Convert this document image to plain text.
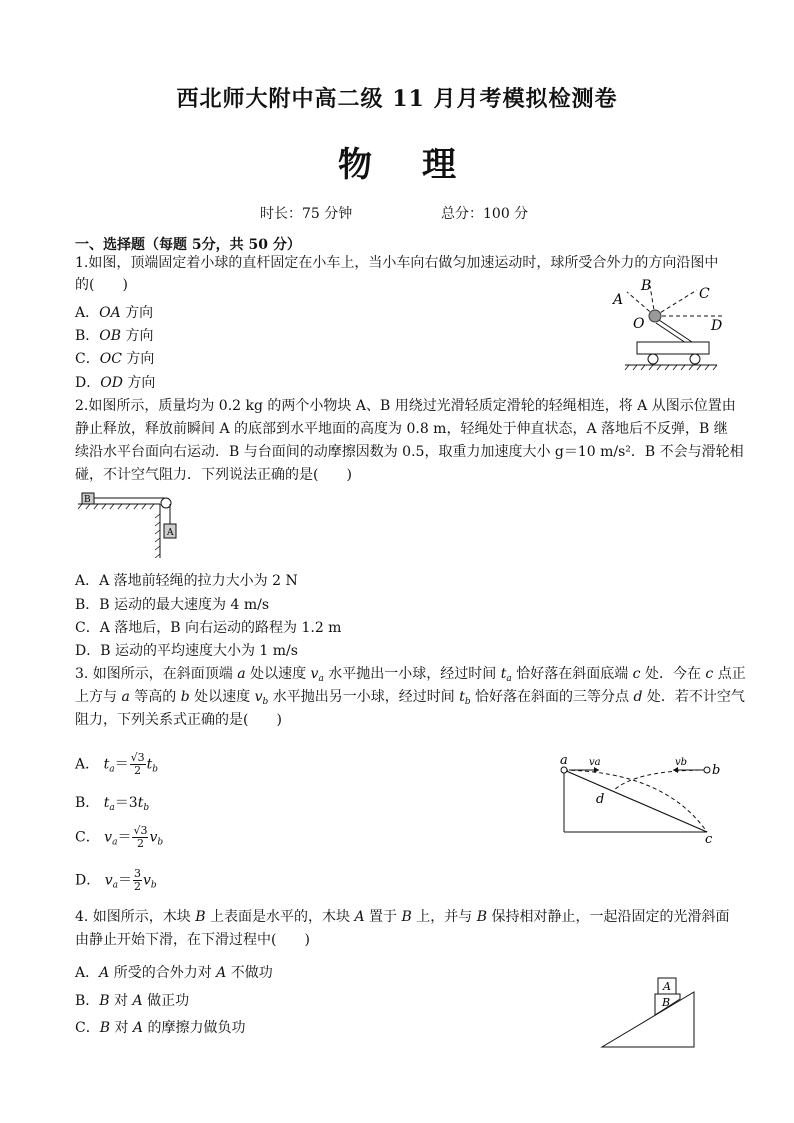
西北师大附中高二级 11 月月考模拟检测卷
物理
时长：75 分钟	总分：100 分
一、选择题（每题 5分，共 50 分）
1.如图，顶端固定着小球的直杆固定在小车上，当小车向右做匀加速运动时，球所受合外力的方向沿图中
的(　　)
A．OA 方向
B．OB 方向
C．OC 方向
D．OD 方向
A
B	C
O	D
2.如图所示，质量均为 0.2 kg 的两个小物块 A、B 用绕过光滑轻质定滑轮的轻绳相连，将 A 从图示位置由
静止释放，释放前瞬间 A 的底部到水平地面的高度为 0.8 m，轻绳处于伸直状态，A 落地后不反弹，B 继
续沿水平台面向右运动．B 与台面间的动摩擦因数为 0.5，取重力加速度大小 g＝10 m/s²．B 不会与滑轮相
碰，不计空气阻力．下列说法正确的是(　　)
B
A
A．A 落地前轻绳的拉力大小为 2 N
B．B 运动的最大速度为 4 m/s
C．A 落地后，B 向右运动的路程为 1.2 m
D．B 运动的平均速度大小为 1 m/s
3. 如图所示，在斜面顶端 a 处以速度 $v_a$ 水平抛出一小球，经过时间 $t_a$ 恰好落在斜面底端 c 处．今在 c 点正
上方与 a 等高的 b 处以速度 $v_b$ 水平抛出另一小球，经过时间 $t_b$ 恰好落在斜面的三等分点 d 处．若不计空气
阻力，下列关系式正确的是(　　)
A． $t_a= \frac{√3}{2} t_b$
B． $t_a=3t_b$
C． $v_a= \frac{√3}{2} v_b$
D． $v_a= \frac{3}{2} v_b$
a va	vb
b
d
c
4. 如图所示，木块 B 上表面是水平的，木块 A 置于 B 上，并与 B 保持相对静止，一起沿固定的光滑斜面
由静止开始下滑，在下滑过程中(　　)
A．A 所受的合外力对 A 不做功
B．B 对 A 做正功
C．B 对 A 的摩擦力做负功
A
B
